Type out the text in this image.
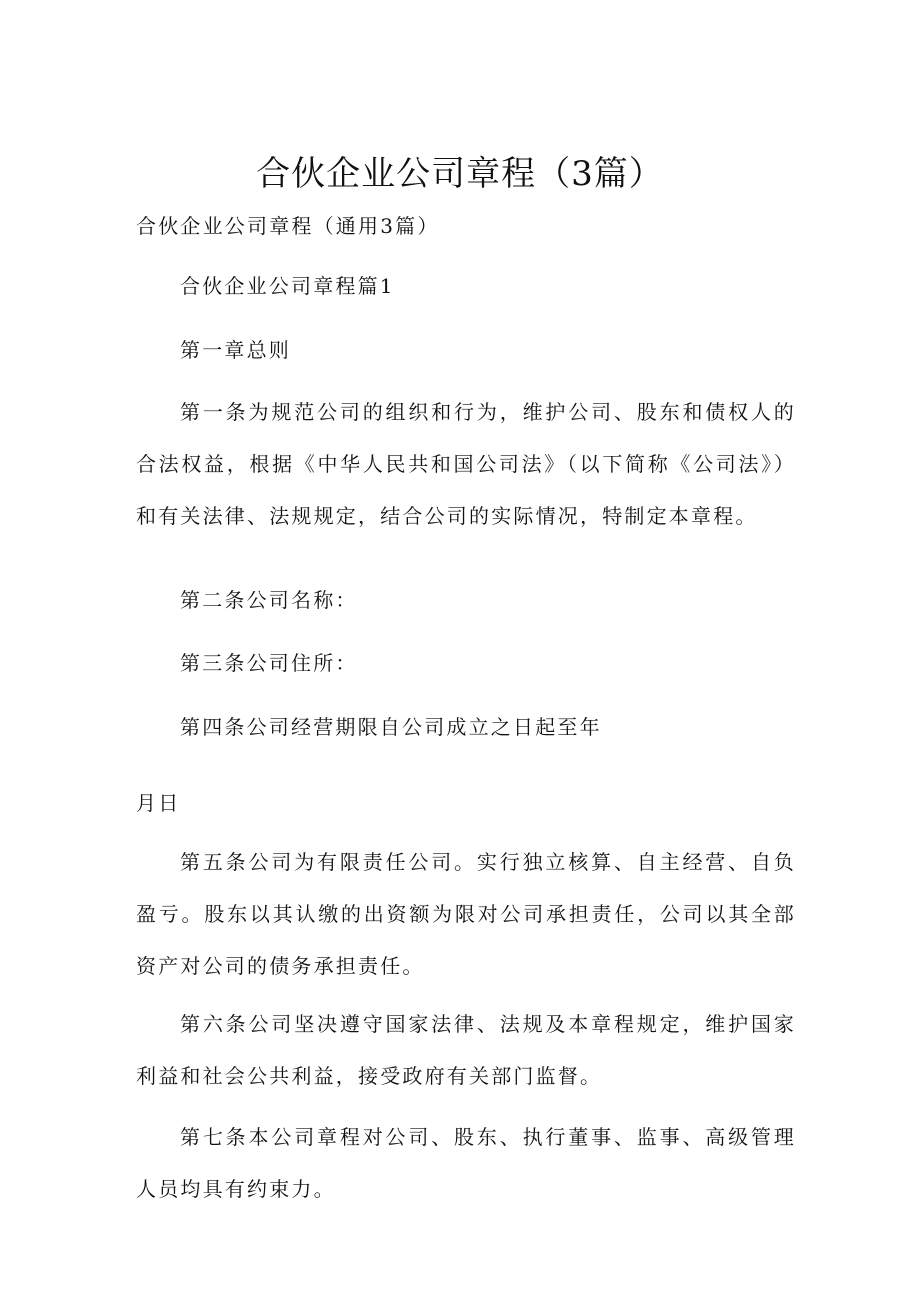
合伙企业公司章程（3篇）
合伙企业公司章程（通用3篇）
合伙企业公司章程篇1
第一章总则
第一条为规范公司的组织和行为，维护公司、股东和债权人的合法权益，根据《中华人民共和国公司法》（以下简称《公司法》）和有关法律、法规规定，结合公司的实际情况，特制定本章程。
第二条公司名称：
第三条公司住所：
第四条公司经营期限自公司成立之日起至年
月日
第五条公司为有限责任公司。实行独立核算、自主经营、自负盈亏。股东以其认缴的出资额为限对公司承担责任，公司以其全部资产对公司的债务承担责任。
第六条公司坚决遵守国家法律、法规及本章程规定，维护国家利益和社会公共利益，接受政府有关部门监督。
第七条本公司章程对公司、股东、执行董事、监事、高级管理人员均具有约束力。
